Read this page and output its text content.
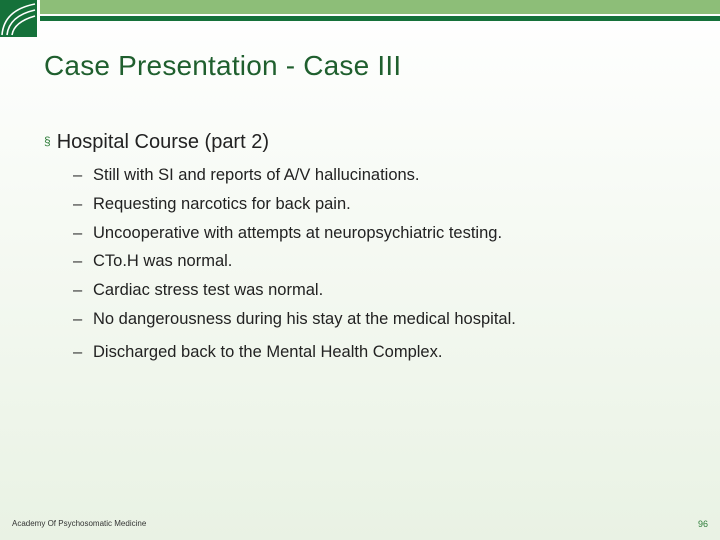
Case Presentation - Case III
§ Hospital Course (part 2)
– Still with SI and reports of A/V hallucinations.
– Requesting narcotics for back pain.
– Uncooperative with attempts at neuropsychiatric testing.
– CTo.H was normal.
– Cardiac stress test was normal.
– No dangerousness during his stay at the medical hospital.
– Discharged back to the Mental Health Complex.
Academy Of Psychosomatic Medicine	96
